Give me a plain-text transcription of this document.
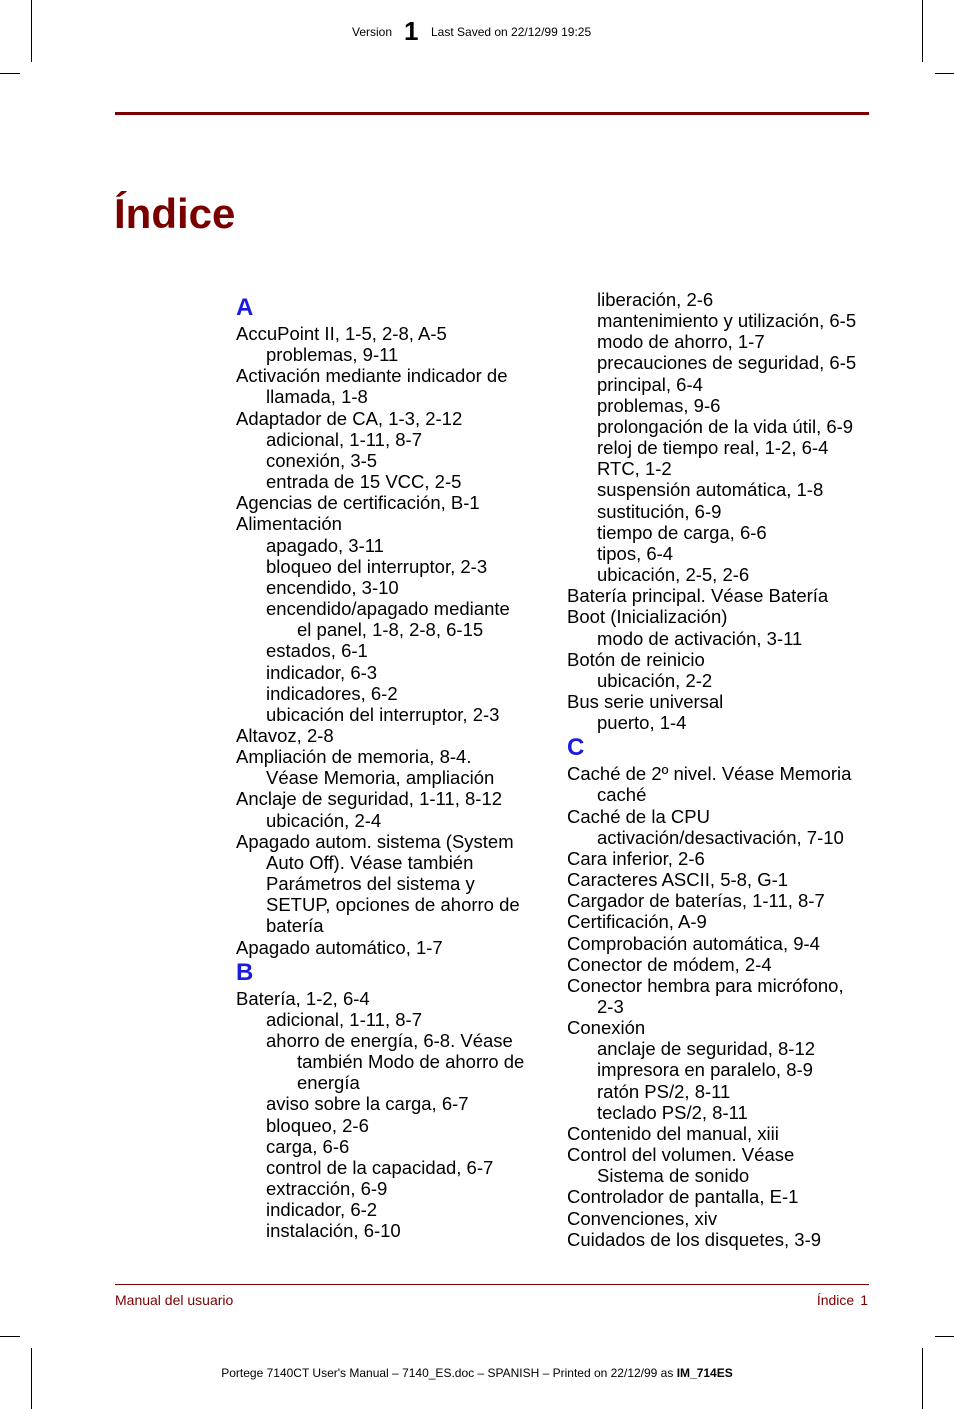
Version 1 Last Saved on 22/12/99 19:25
Índice
A
AccuPoint II, 1-5, 2-8, A-5
problemas, 9-11
Activación mediante indicador de
llamada, 1-8
Adaptador de CA, 1-3, 2-12
adicional, 1-11, 8-7
conexión, 3-5
entrada de 15 VCC, 2-5
Agencias de certificación, B-1
Alimentación
apagado, 3-11
bloqueo del interruptor, 2-3
encendido, 3-10
encendido/apagado mediante
el panel, 1-8, 2-8, 6-15
estados, 6-1
indicador, 6-3
indicadores, 6-2
ubicación del interruptor, 2-3
Altavoz, 2-8
Ampliación de memoria, 8-4.
Véase Memoria, ampliación
Anclaje de seguridad, 1-11, 8-12
ubicación, 2-4
Apagado autom. sistema (System
Auto Off). Véase también
Parámetros del sistema y
SETUP, opciones de ahorro de
batería
Apagado automático, 1-7
B
Batería, 1-2, 6-4
adicional, 1-11, 8-7
ahorro de energía, 6-8. Véase
también Modo de ahorro de
energía
aviso sobre la carga, 6-7
bloqueo, 2-6
carga, 6-6
control de la capacidad, 6-7
extracción, 6-9
indicador, 6-2
instalación, 6-10
liberación, 2-6
mantenimiento y utilización, 6-5
modo de ahorro, 1-7
precauciones de seguridad, 6-5
principal, 6-4
problemas, 9-6
prolongación de la vida útil, 6-9
reloj de tiempo real, 1-2, 6-4
RTC, 1-2
suspensión automática, 1-8
sustitución, 6-9
tiempo de carga, 6-6
tipos, 6-4
ubicación, 2-5, 2-6
Batería principal. Véase Batería
Boot (Inicialización)
modo de activación, 3-11
Botón de reinicio
ubicación, 2-2
Bus serie universal
puerto, 1-4
C
Caché de 2º nivel. Véase Memoria
caché
Caché de la CPU
activación/desactivación, 7-10
Cara inferior, 2-6
Caracteres ASCII, 5-8, G-1
Cargador de baterías, 1-11, 8-7
Certificación, A-9
Comprobación automática, 9-4
Conector de módem, 2-4
Conector hembra para micrófono,
2-3
Conexión
anclaje de seguridad, 8-12
impresora en paralelo, 8-9
ratón PS/2, 8-11
teclado PS/2, 8-11
Contenido del manual, xiii
Control del volumen. Véase
Sistema de sonido
Controlador de pantalla, E-1
Convenciones, xiv
Cuidados de los disquetes, 3-9
Manual del usuario	Índice 1
Portege 7140CT User's Manual – 7140_ES.doc – SPANISH – Printed on 22/12/99 as IM_714ES
